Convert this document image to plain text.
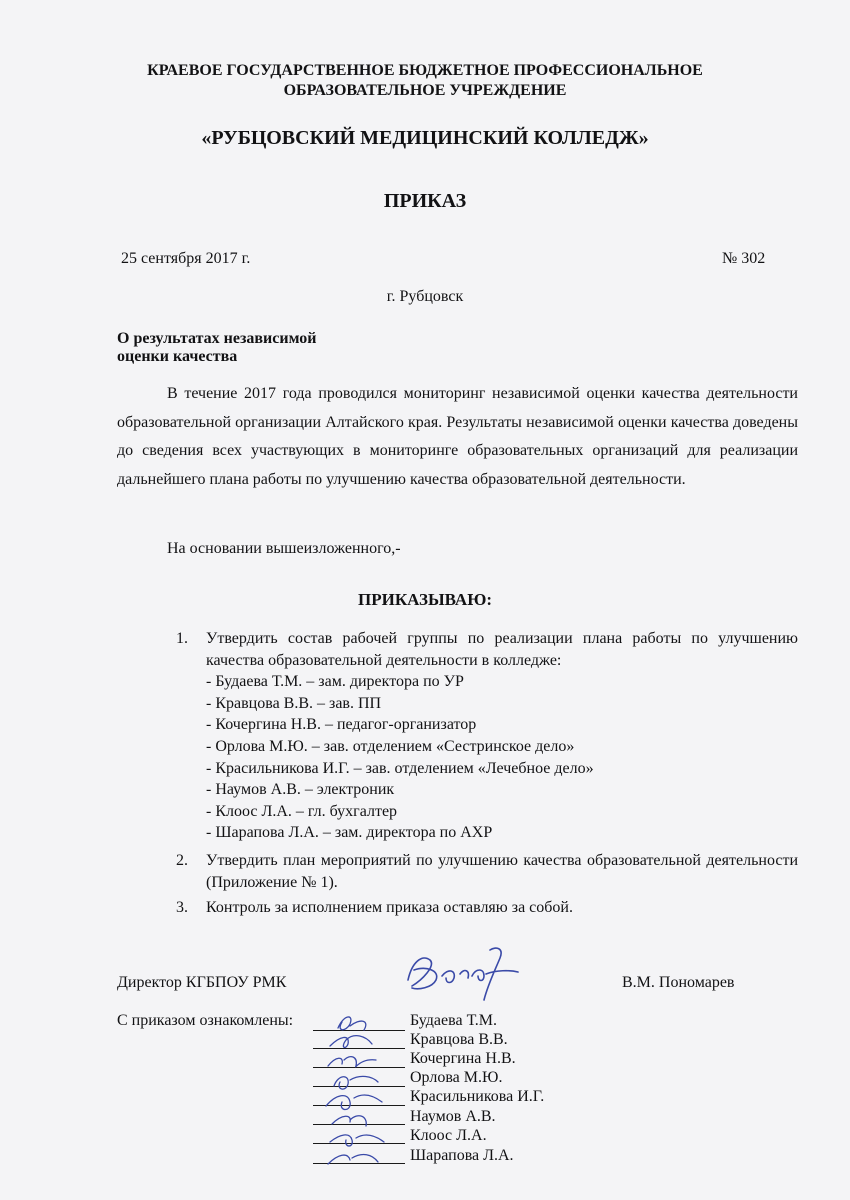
КРАЕВОЕ ГОСУДАРСТВЕННОЕ БЮДЖЕТНОЕ ПРОФЕССИОНАЛЬНОЕ
ОБРАЗОВАТЕЛЬНОЕ УЧРЕЖДЕНИЕ
«РУБЦОВСКИЙ МЕДИЦИНСКИЙ КОЛЛЕДЖ»
ПРИКАЗ
25 сентября 2017 г.	№ 302
г. Рубцовск
О результатах независимой
оценки качества
В течение 2017 года проводился мониторинг независимой оценки качества деятельности образовательной организации Алтайского края. Результаты независимой оценки качества доведены до сведения всех участвующих в мониторинге образовательных организаций для реализации дальнейшего плана работы по улучшению качества образовательной деятельности.
На основании вышеизложенного,-
ПРИКАЗЫВАЮ:
1. Утвердить состав рабочей группы по реализации плана работы по улучшению качества образовательной деятельности в колледже:
- Будаева Т.М. – зам. директора по УР
- Кравцова В.В. – зав. ПП
- Кочергина Н.В. – педагог-организатор
- Орлова М.Ю. – зав. отделением «Сестринское дело»
- Красильникова И.Г. – зав. отделением «Лечебное дело»
- Наумов А.В. – электроник
- Клоос Л.А. – гл. бухгалтер
- Шарапова Л.А. – зам. директора по АХР
2. Утвердить план мероприятий по улучшению качества образовательной деятельности (Приложение № 1).
3. Контроль за исполнением приказа оставляю за собой.
Директор КГБПОУ РМК	В.М. Пономарев
С приказом ознакомлены:	Будаева Т.М.
Кравцова В.В.
Кочергина Н.В.
Орлова М.Ю.
Красильникова И.Г.
Наумов А.В.
Клоос Л.А.
Шарапова Л.А.
